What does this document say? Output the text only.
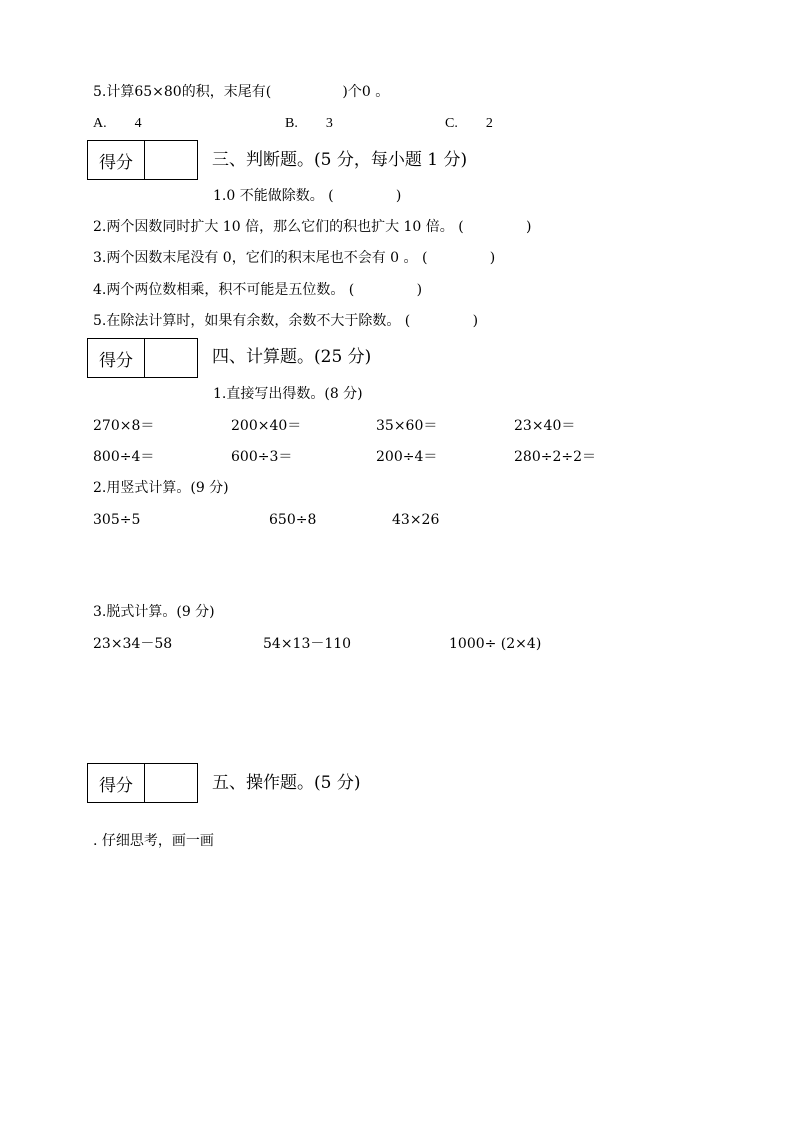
5.计算65×80的积，末尾有(                )个0 。
A.        4	B.        3	C.        2
得分	三、判断题。(5 分，每小题 1 分)
1.0 不能做除数。 (              )
2.两个因数同时扩大 10 倍，那么它们的积也扩大 10 倍。 (              )
3.两个因数末尾没有 0，它们的积末尾也不会有 0 。 (              )
4.两个两位数相乘，积不可能是五位数。 (              )
5.在除法计算时，如果有余数，余数不大于除数。 (              )
得分	四、计算题。(25 分)
1.直接写出得数。(8 分)
270×8＝	200×40＝	35×60＝	23×40＝
800÷4＝	600÷3＝	200÷4＝	280÷2÷2＝
2.用竖式计算。(9 分)
305÷5	650÷8	43×26
3.脱式计算。(9 分)
23×34－58	54×13－110	1000÷ (2×4)
得分	五、操作题。(5 分)
. 仔细思考，画一画
